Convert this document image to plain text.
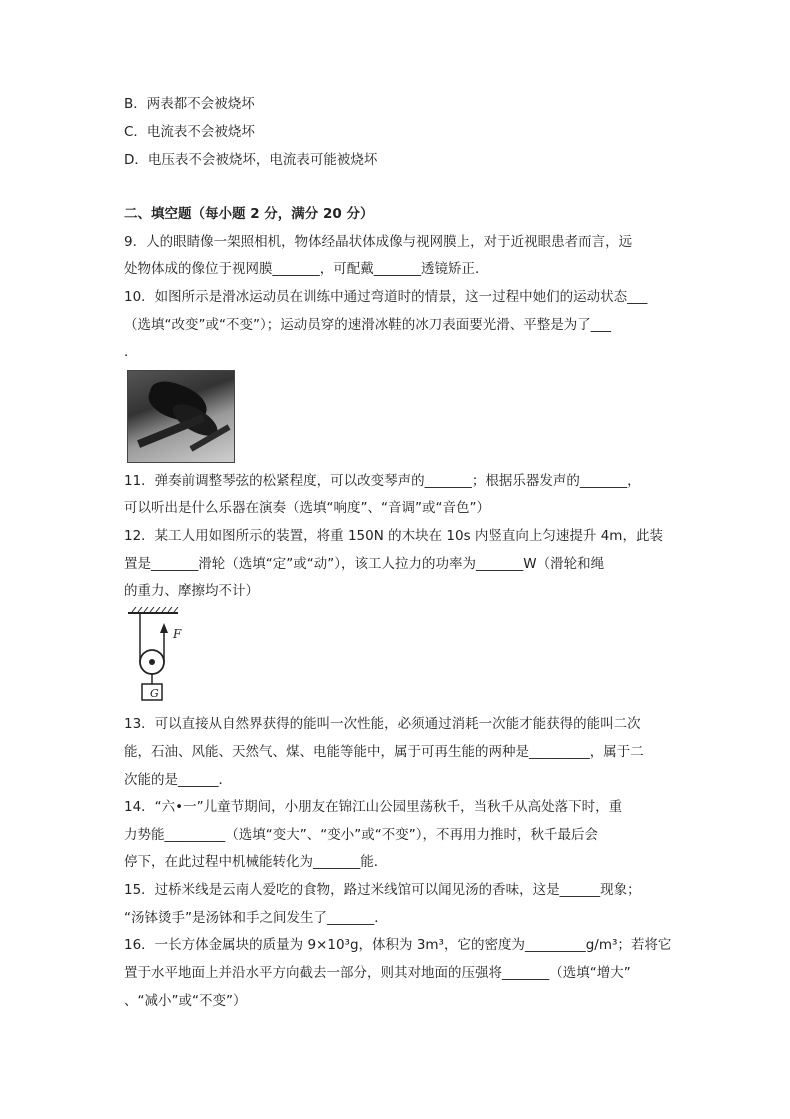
B．两表都不会被烧坏
C．电流表不会被烧坏
D．电压表不会被烧坏，电流表可能被烧坏
二、填空题（每小题 2 分，满分 20 分）
9．人的眼睛像一架照相机，物体经晶状体成像与视网膜上，对于近视眼患者而言，远
处物体成的像位于视网膜_______，可配戴_______透镜矫正．
10．如图所示是滑冰运动员在训练中通过弯道时的情景，这一过程中她们的运动状态___
（选填“改变”或“不变”）；运动员穿的速滑冰鞋的冰刀表面要光滑、平整是为了___
．
11．弹奏前调整琴弦的松紧程度，可以改变琴声的_______；根据乐器发声的_______，
可以听出是什么乐器在演奏（选填“响度”、“音调”或“音色”）
12．某工人用如图所示的装置，将重 150N 的木块在 10s 内竖直向上匀速提升 4m，此装
置是_______滑轮（选填“定”或“动”），该工人拉力的功率为_______W（滑轮和绳
的重力、摩擦均不计）
F
G
13．可以直接从自然界获得的能叫一次性能，必须通过消耗一次能才能获得的能叫二次
能，石油、风能、天然气、煤、电能等能中，属于可再生能的两种是_________，属于二
次能的是______．
14．“六•一”儿童节期间，小朋友在锦江山公园里荡秋千，当秋千从高处落下时，重
力势能_________（选填“变大”、“变小”或“不变”），不再用力推时，秋千最后会
停下，在此过程中机械能转化为_______能．
15．过桥米线是云南人爱吃的食物，路过米线馆可以闻见汤的香味，这是______现象；
“汤钵烫手”是汤钵和手之间发生了_______．
16．一长方体金属块的质量为 9×10³g，体积为 3m³，它的密度为_________g/m³；若将它
置于水平地面上并沿水平方向截去一部分，则其对地面的压强将_______（选填“增大”
、“减小”或“不变”）
